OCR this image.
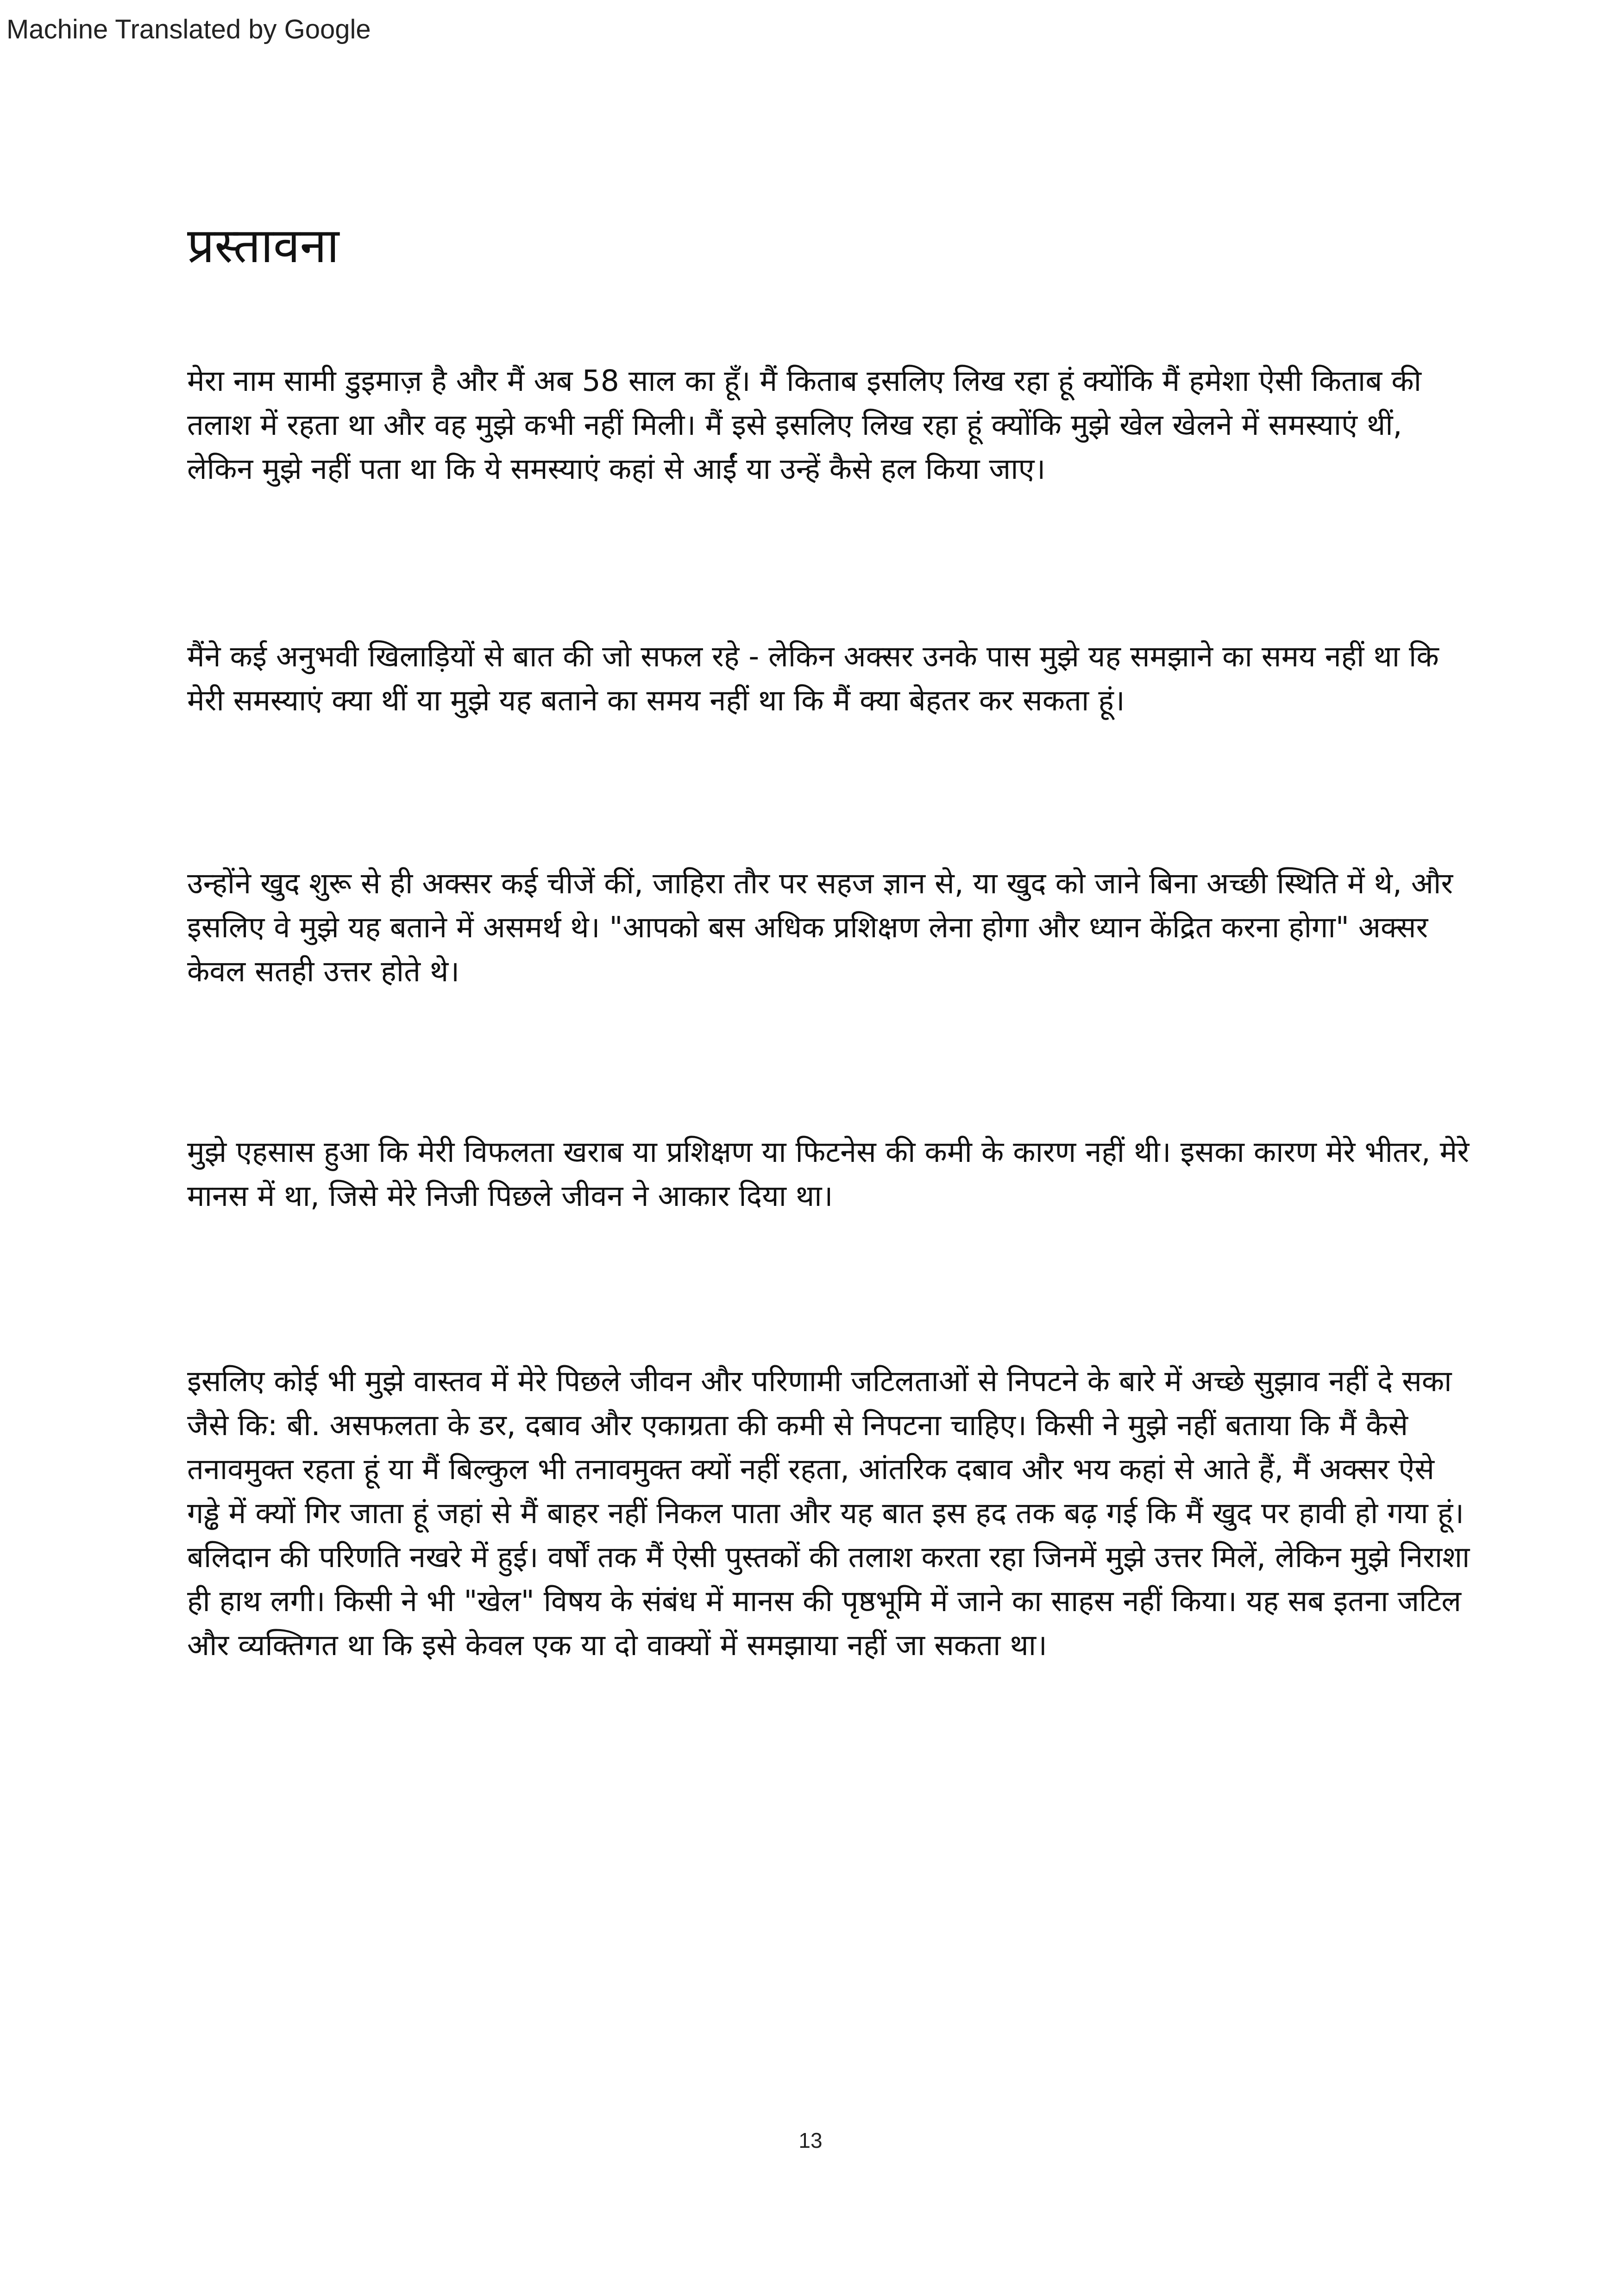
Machine Translated by Google
प्रस्तावना

मेरा नाम सामी डुइमाज़ है और मैं अब 58 साल का हूँ। मैं किताब इसलिए लिख रहा हूं क्योंकि मैं हमेशा ऐसी किताब की तलाश में रहता था और वह मुझे कभी नहीं मिली। मैं इसे इसलिए लिख रहा हूं क्योंकि मुझे खेल खेलने में समस्याएं थीं, लेकिन मुझे नहीं पता था कि ये समस्याएं कहां से आईं या उन्हें कैसे हल किया जाए।

मैंने कई अनुभवी खिलाड़ियों से बात की जो सफल रहे - लेकिन अक्सर उनके पास मुझे यह समझाने का समय नहीं था कि मेरी समस्याएं क्या थीं या मुझे यह बताने का समय नहीं था कि मैं क्या बेहतर कर सकता हूं।

उन्होंने खुद शुरू से ही अक्सर कई चीजें कीं, जाहिरा तौर पर सहज ज्ञान से, या खुद को जाने बिना अच्छी स्थिति में थे, और इसलिए वे मुझे यह बताने में असमर्थ थे। "आपको बस अधिक प्रशिक्षण लेना होगा और ध्यान केंद्रित करना होगा" अक्सर केवल सतही उत्तर होते थे।

मुझे एहसास हुआ कि मेरी विफलता खराब या प्रशिक्षण या फिटनेस की कमी के कारण नहीं थी। इसका कारण मेरे भीतर, मेरे मानस में था, जिसे मेरे निजी पिछले जीवन ने आकार दिया था।

इसलिए कोई भी मुझे वास्तव में मेरे पिछले जीवन और परिणामी जटिलताओं से निपटने के बारे में अच्छे सुझाव नहीं दे सका जैसे कि: बी. असफलता के डर, दबाव और एकाग्रता की कमी से निपटना चाहिए। किसी ने मुझे नहीं बताया कि मैं कैसे तनावमुक्त रहता हूं या मैं बिल्कुल भी तनावमुक्त क्यों नहीं रहता, आंतरिक दबाव और भय कहां से आते हैं, मैं अक्सर ऐसे गड्ढे में क्यों गिर जाता हूं जहां से मैं बाहर नहीं निकल पाता और यह बात इस हद तक बढ़ गई कि मैं खुद पर हावी हो गया हूं। बलिदान की परिणति नखरे में हुई। वर्षों तक मैं ऐसी पुस्तकों की तलाश करता रहा जिनमें मुझे उत्तर मिलें, लेकिन मुझे निराशा ही हाथ लगी। किसी ने भी "खेल" विषय के संबंध में मानस की पृष्ठभूमि में जाने का साहस नहीं किया। यह सब इतना जटिल और व्यक्तिगत था कि इसे केवल एक या दो वाक्यों में समझाया नहीं जा सकता था।

13
